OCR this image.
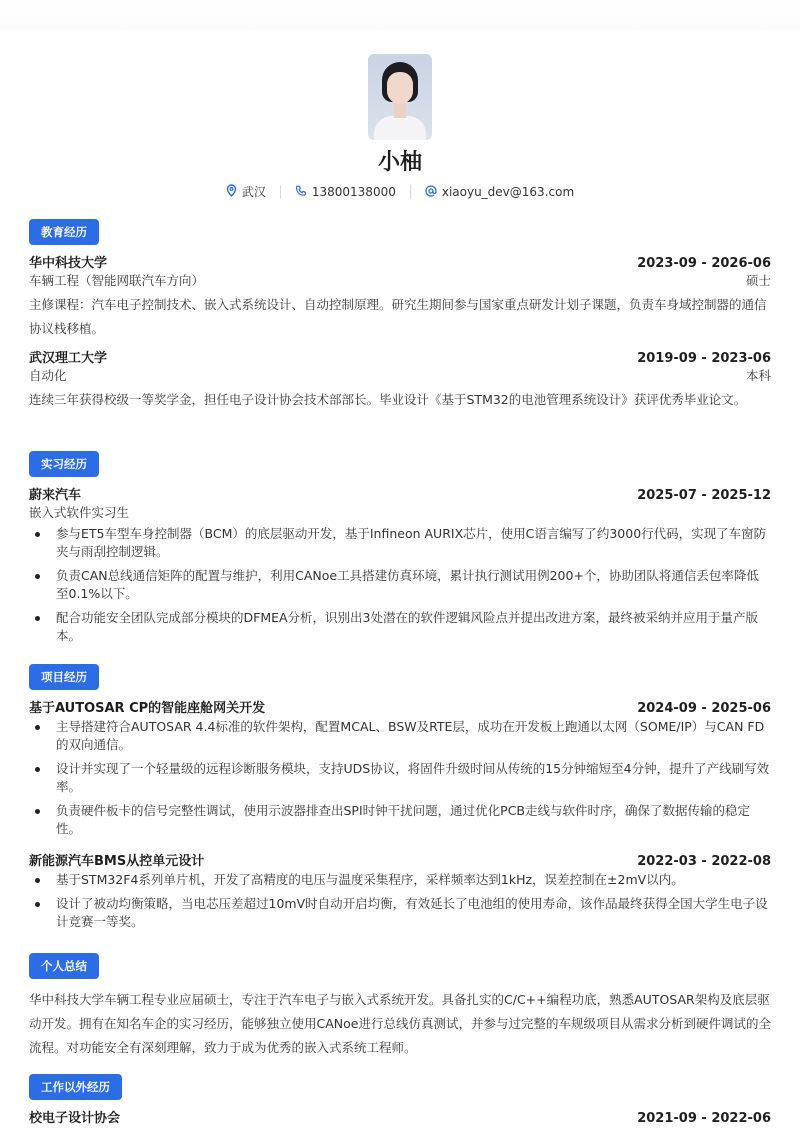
小柚
武汉	13800138000	xiaoyu_dev@163.com
教育经历
华中科技大学	2023-09 - 2026-06
车辆工程（智能网联汽车方向）	硕士
主修课程：汽车电子控制技术、嵌入式系统设计、自动控制原理。研究生期间参与国家重点研发计划子课题，负责车身域控制器的通信协议栈移植。
武汉理工大学	2019-09 - 2023-06
自动化	本科
连续三年获得校级一等奖学金，担任电子设计协会技术部部长。毕业设计《基于STM32的电池管理系统设计》获评优秀毕业论文。
实习经历
蔚来汽车	2025-07 - 2025-12
嵌入式软件实习生
参与ET5车型车身控制器（BCM）的底层驱动开发，基于Infineon AURIX芯片，使用C语言编写了约3000行代码，实现了车窗防夹与雨刮控制逻辑。
负责CAN总线通信矩阵的配置与维护，利用CANoe工具搭建仿真环境，累计执行测试用例200+个，协助团队将通信丢包率降低至0.1%以下。
配合功能安全团队完成部分模块的DFMEA分析，识别出3处潜在的软件逻辑风险点并提出改进方案，最终被采纳并应用于量产版本。
项目经历
基于AUTOSAR CP的智能座舱网关开发	2024-09 - 2025-06
主导搭建符合AUTOSAR 4.4标准的软件架构，配置MCAL、BSW及RTE层，成功在开发板上跑通以太网（SOME/IP）与CAN FD的双向通信。
设计并实现了一个轻量级的远程诊断服务模块，支持UDS协议，将固件升级时间从传统的15分钟缩短至4分钟，提升了产线刷写效率。
负责硬件板卡的信号完整性调试，使用示波器排查出SPI时钟干扰问题，通过优化PCB走线与软件时序，确保了数据传输的稳定性。
新能源汽车BMS从控单元设计	2022-03 - 2022-08
基于STM32F4系列单片机，开发了高精度的电压与温度采集程序，采样频率达到1kHz，误差控制在±2mV以内。
设计了被动均衡策略，当电芯压差超过10mV时自动开启均衡，有效延长了电池组的使用寿命，该作品最终获得全国大学生电子设计竞赛一等奖。
个人总结
华中科技大学车辆工程专业应届硕士，专注于汽车电子与嵌入式系统开发。具备扎实的C/C++编程功底，熟悉AUTOSAR架构及底层驱动开发。拥有在知名车企的实习经历，能够独立使用CANoe进行总线仿真测试，并参与过完整的车规级项目从需求分析到硬件调试的全流程。对功能安全有深刻理解，致力于成为优秀的嵌入式系统工程师。
工作以外经历
校电子设计协会	2021-09 - 2022-06
